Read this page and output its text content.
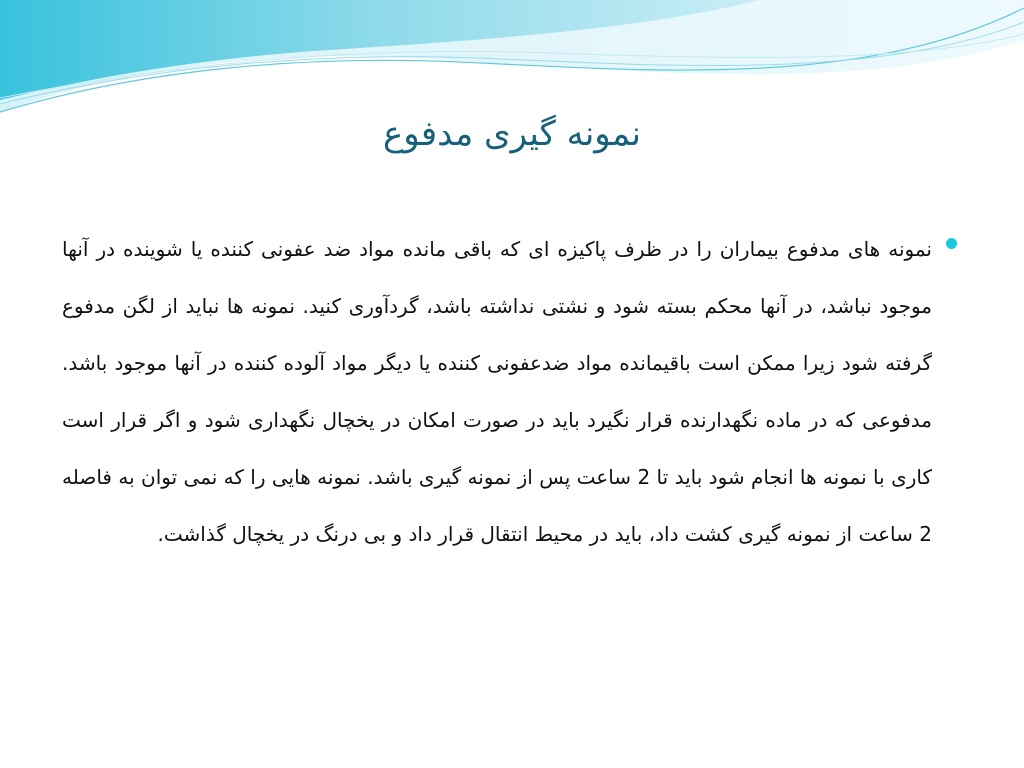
نمونه گیری مدفوع
نمونه های مدفوع بیماران را در ظرف پاکیزه ای که باقی مانده مواد ضد عفونی کننده یا شوینده در آنها موجود نباشد، در آنها محکم بسته شود و نشتی نداشته باشد، گردآوری کنید. نمونه ها نباید از لگن مدفوع گرفته شود زیرا ممکن است باقیمانده مواد ضدعفونی کننده یا دیگر مواد آلوده کننده در آنها موجود باشد. مدفوعی که در ماده نگهدارنده قرار نگیرد باید در صورت امکان در یخچال نگهداری شود و اگر قرار است کاری با نمونه ها انجام شود باید تا 2 ساعت پس از نمونه گیری باشد. نمونه هایی را که نمی توان به فاصله 2 ساعت از نمونه گیری کشت داد، باید در محیط انتقال قرار داد و بی درنگ در یخچال گذاشت.
